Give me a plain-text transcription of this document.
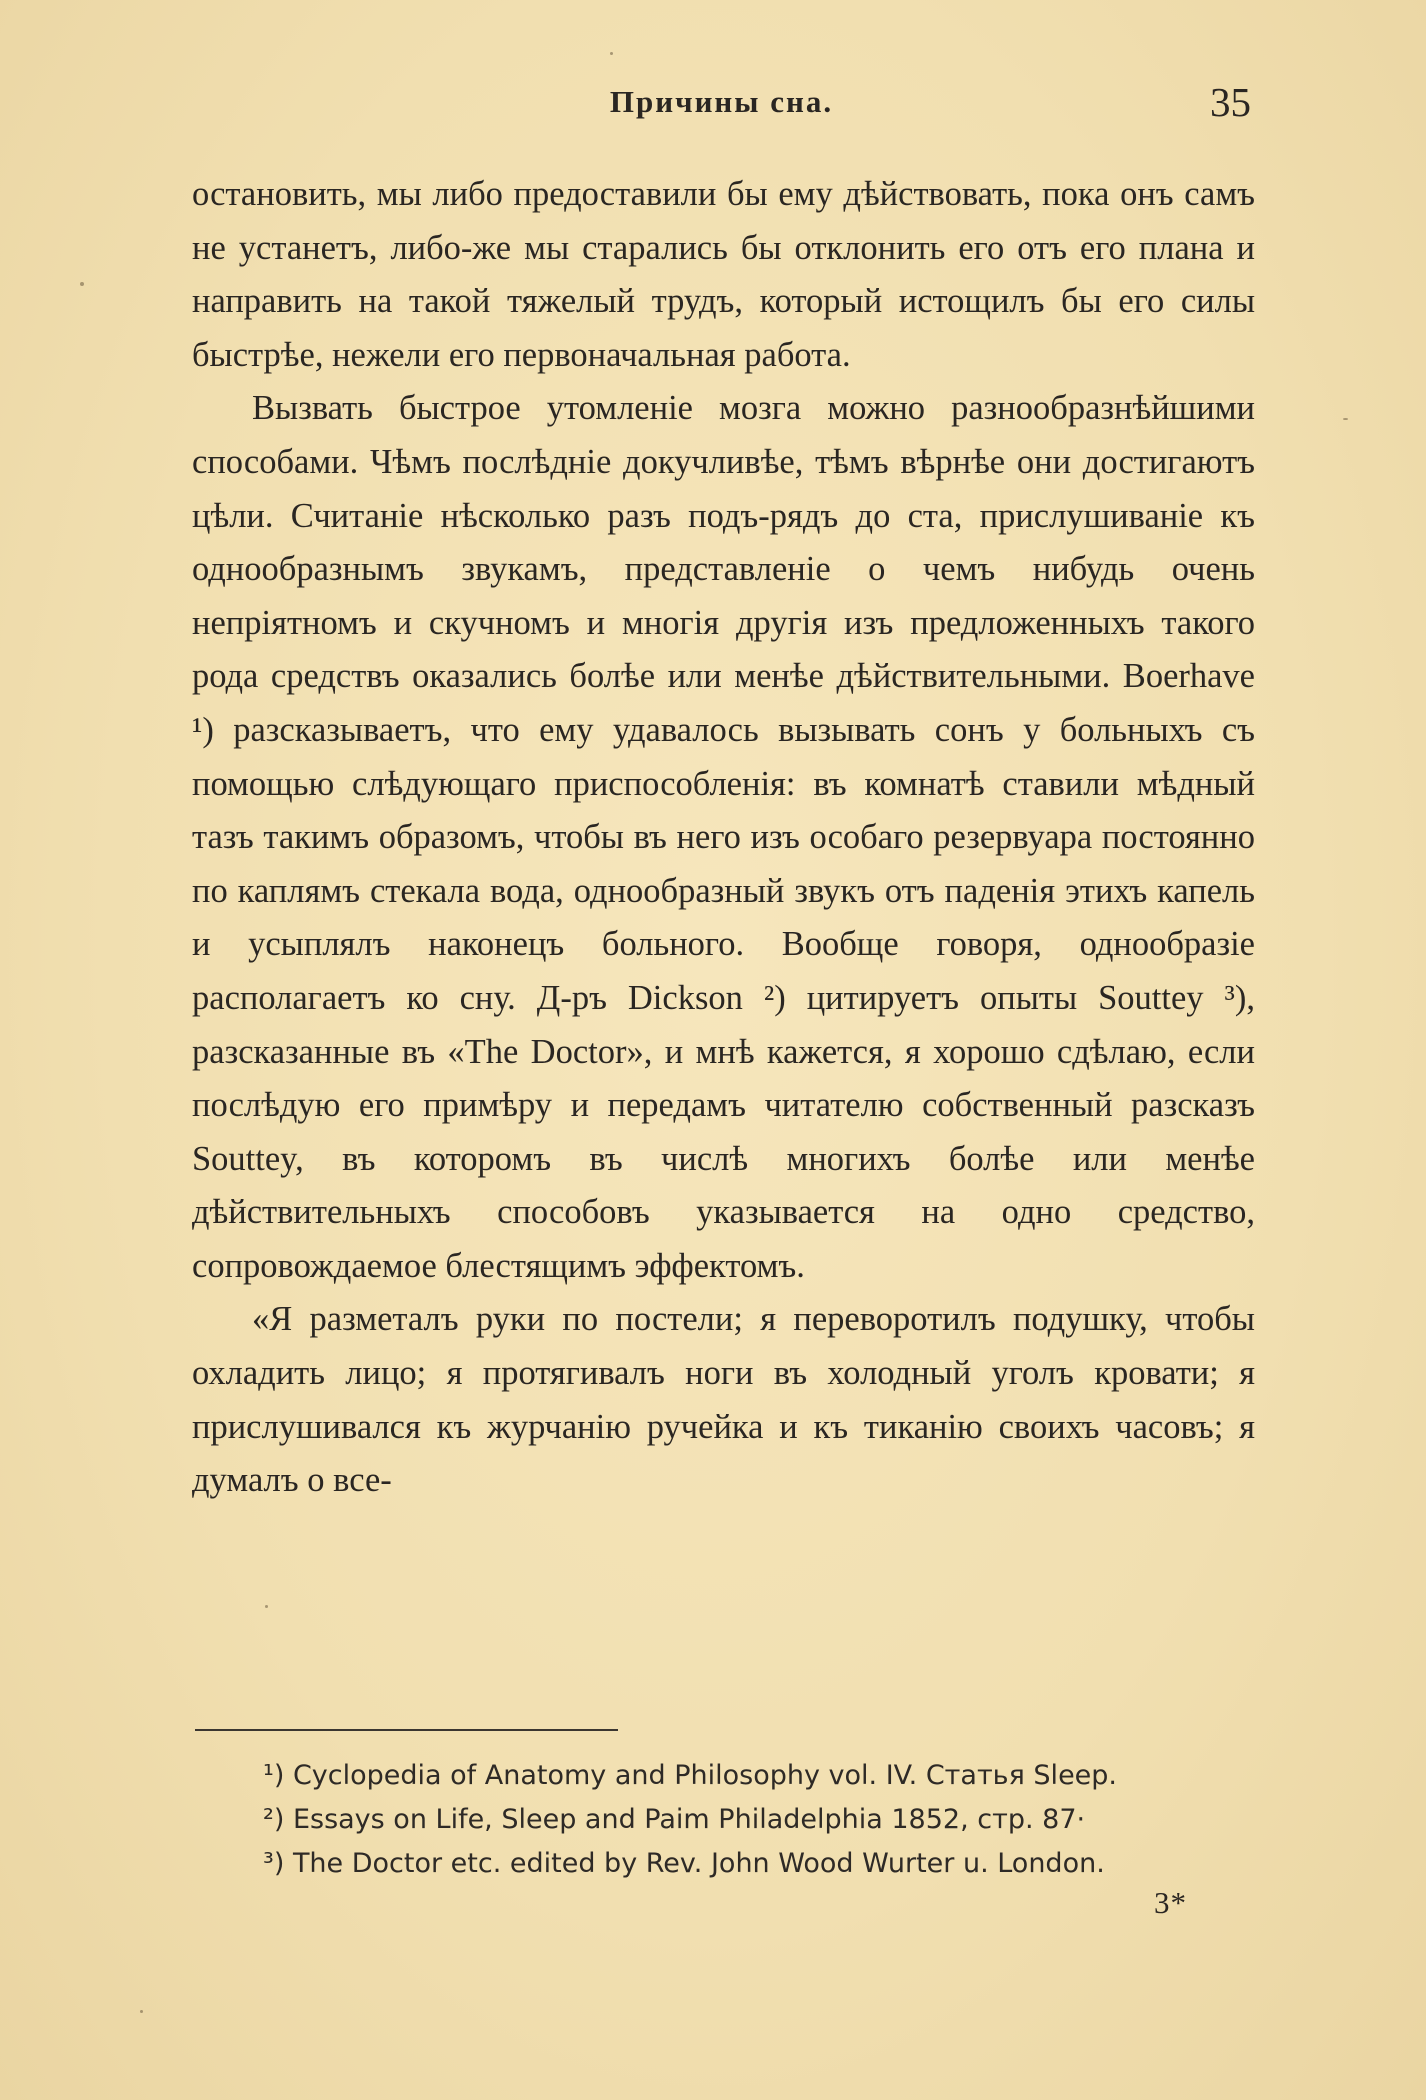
Причины сна.	35

остановить, мы либо предоставили бы ему дѣйствовать, пока онъ самъ не устанетъ, либо-же мы старались бы отклонить его отъ его плана и направить на такой тяжелый трудъ, который истощилъ бы его силы быстрѣе, нежели его первоначальная работа.

Вызвать быстрое утомленіе мозга можно разнообразнѣйшими способами. Чѣмъ послѣдніе докучливѣе, тѣмъ вѣрнѣе они достигаютъ цѣли. Считаніе нѣсколько разъ подъ-рядъ до ста, прислушиваніе къ однообразнымъ звукамъ, представленіе о чемъ нибудь очень непріятномъ и скучномъ и многія другія изъ предложенныхъ такого рода средствъ оказались болѣе или менѣе дѣйствительными. Boerhave ¹) разсказываетъ, что ему удавалось вызывать сонъ у больныхъ съ помощью слѣдующаго приспособленія: въ комнатѣ ставили мѣдный тазъ такимъ образомъ, чтобы въ него изъ особаго резервуара постоянно по каплямъ стекала вода, однообразный звукъ отъ паденія этихъ капель и усыплялъ наконецъ больного. Вообще говоря, однообразіе располагаетъ ко сну. Д-ръ Dickson ²) цитируетъ опыты Souttey ³), разсказанные въ «The Doctor», и мнѣ кажется, я хорошо сдѣлаю, если послѣдую его примѣру и передамъ читателю собственный разсказъ Souttey, въ которомъ въ числѣ многихъ болѣе или менѣе дѣйствительныхъ способовъ указывается на одно средство, сопровождаемое блестящимъ эффектомъ.

«Я разметалъ руки по постели; я переворотилъ подушку, чтобы охладить лицо; я протягивалъ ноги въ холодный уголъ кровати; я прислушивался къ журчанію ручейка и къ тиканію своихъ часовъ; я думалъ о все-

¹) Cyclopedia of Anatomy and Philosophy vol. IV. Статья Sleep.
²) Essays on Life, Sleep and Paim Philadelphia 1852, стр. 87·
³) The Doctor etc. edited by Rev. John Wood Wurter u. London.
3*
